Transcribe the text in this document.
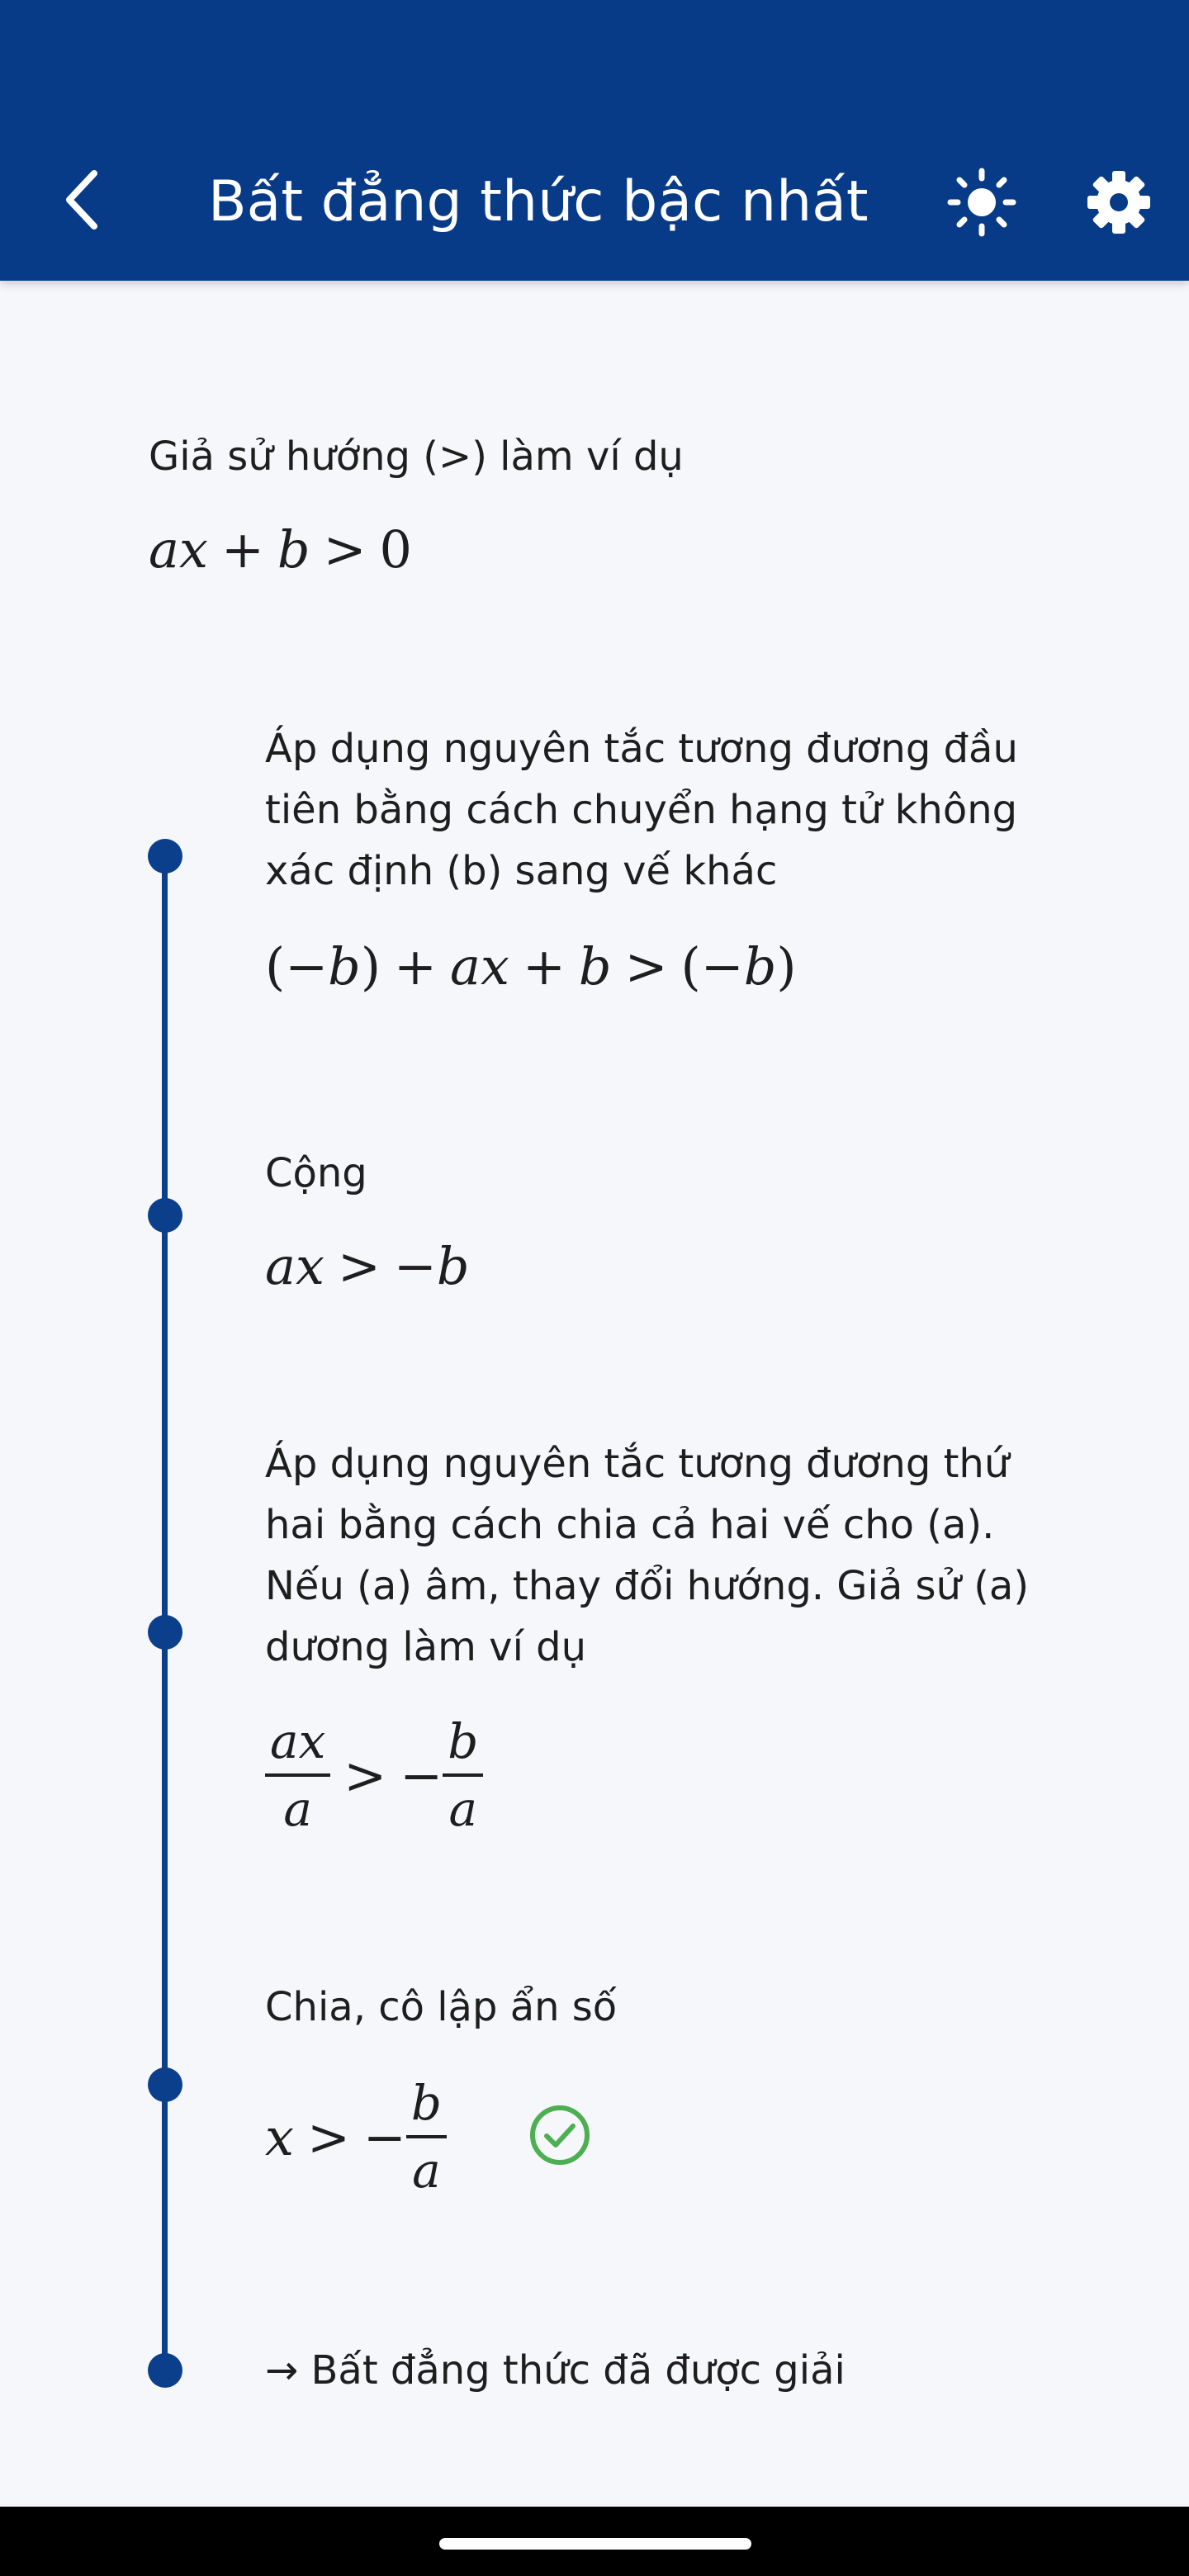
Bất đẳng thức bậc nhất
Giả sử hướng (>) làm ví dụ
ax + b > 0
Áp dụng nguyên tắc tương đương đầu tiên bằng cách chuyển hạng tử không xác định (b) sang vế khác
(− b ) + ax + b > (− b )
Cộng
ax > − b
Áp dụng nguyên tắc tương đương thứ hai bằng cách chia cả hai vế cho (a). Nếu (a) âm, thay đổi hướng. Giả sử (a) dương làm ví dụ
$\frac{ax}{a}$ > − $\frac{b}{a}$
Chia, cô lập ẩn số
x > − $\frac{b}{a}$
→ Bất đẳng thức đã được giải
